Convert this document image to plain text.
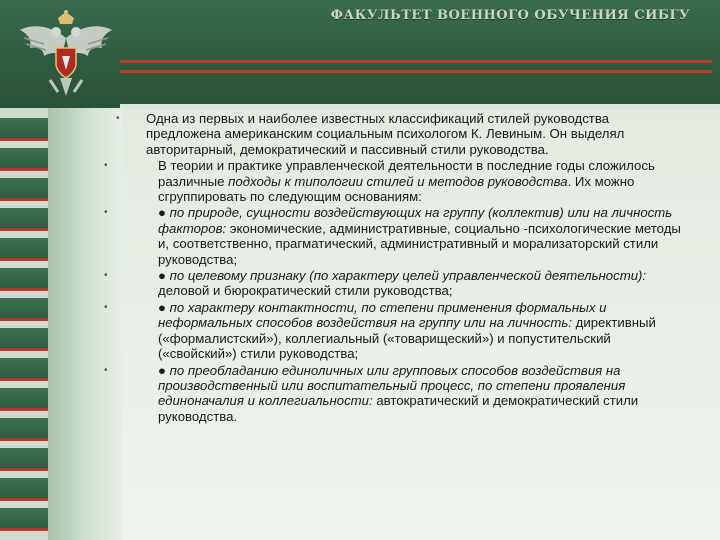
ФАКУЛЬТЕТ ВОЕННОГО ОБУЧЕНИЯ СИБГУ
• Одна из первых и наиболее известных классификаций стилей руководства предложена американским социальным психологом К. Левиным. Он выделял авторитарный, демократический и пассивный стили руководства.
•	В теории и практике управленческой деятельности в последние годы сложилось различные подходы к типологии стилей и методов руководства. Их можно сгруппировать по следующим основаниям:
•	● по природе, сущности воздействующих на группу (коллектив) или на личность факторов: экономические, административные, социально -психологические методы и, соответственно, прагматический, административный и морализаторский стили руководства;
•	● по целевому признаку (по характеру целей управленческой деятельности): деловой и бюрократический стили руководства;
•	● по характеру контактности, по степени применения формальных и неформальных способов воздействия на группу или на личность: директивный («формалистский»), коллегиальный («товарищеский») и попустительский («свойский») стили руководства;
•	● по преобладанию единоличных или групповых способов воздействия на производственный или воспитательный процесс, по степени проявления единоначалия и коллегиальности: автократический и демократический стили руководства.
